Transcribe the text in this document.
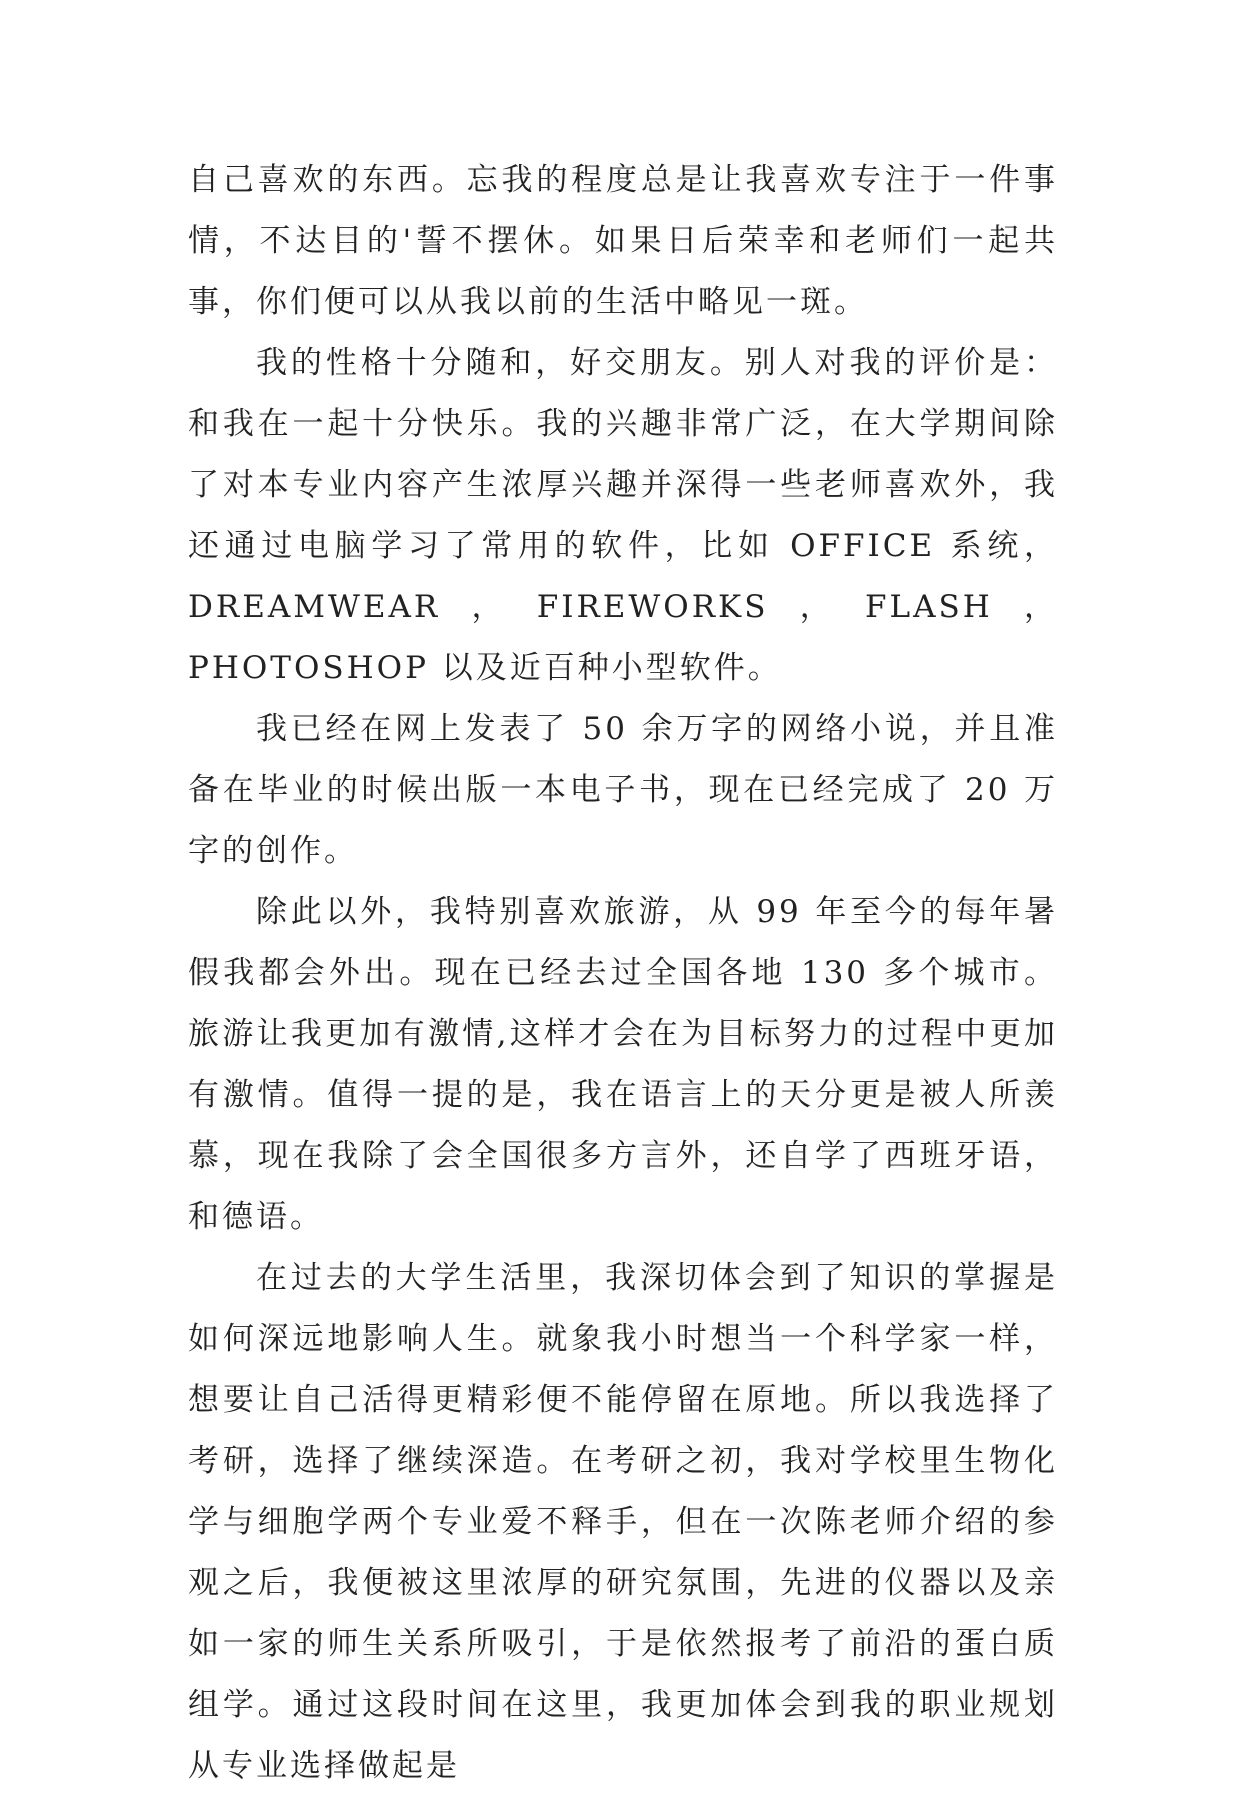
自己喜欢的东西。忘我的程度总是让我喜欢专注于一件事情，不达目的'誓不摆休。如果日后荣幸和老师们一起共事，你们便可以从我以前的生活中略见一斑。

我的性格十分随和，好交朋友。别人对我的评价是：和我在一起十分快乐。我的兴趣非常广泛，在大学期间除了对本专业内容产生浓厚兴趣并深得一些老师喜欢外，我还通过电脑学习了常用的软件，比如 OFFICE 系统，DREAMWEAR，FIREWORKS，FLASH，PHOTOSHOP 以及近百种小型软件。

我已经在网上发表了 50 余万字的网络小说，并且准备在毕业的时候出版一本电子书，现在已经完成了 20 万字的创作。

除此以外，我特别喜欢旅游，从 99 年至今的每年暑假我都会外出。现在已经去过全国各地 130 多个城市。旅游让我更加有激情,这样才会在为目标努力的过程中更加有激情。值得一提的是，我在语言上的天分更是被人所羡慕，现在我除了会全国很多方言外，还自学了西班牙语，和德语。

在过去的大学生活里，我深切体会到了知识的掌握是如何深远地影响人生。就象我小时想当一个科学家一样，想要让自己活得更精彩便不能停留在原地。所以我选择了考研，选择了继续深造。在考研之初，我对学校里生物化学与细胞学两个专业爱不释手，但在一次陈老师介绍的参观之后，我便被这里浓厚的研究氛围，先进的仪器以及亲如一家的师生关系所吸引，于是依然报考了前沿的蛋白质组学。通过这段时间在这里，我更加体会到我的职业规划从专业选择做起是
